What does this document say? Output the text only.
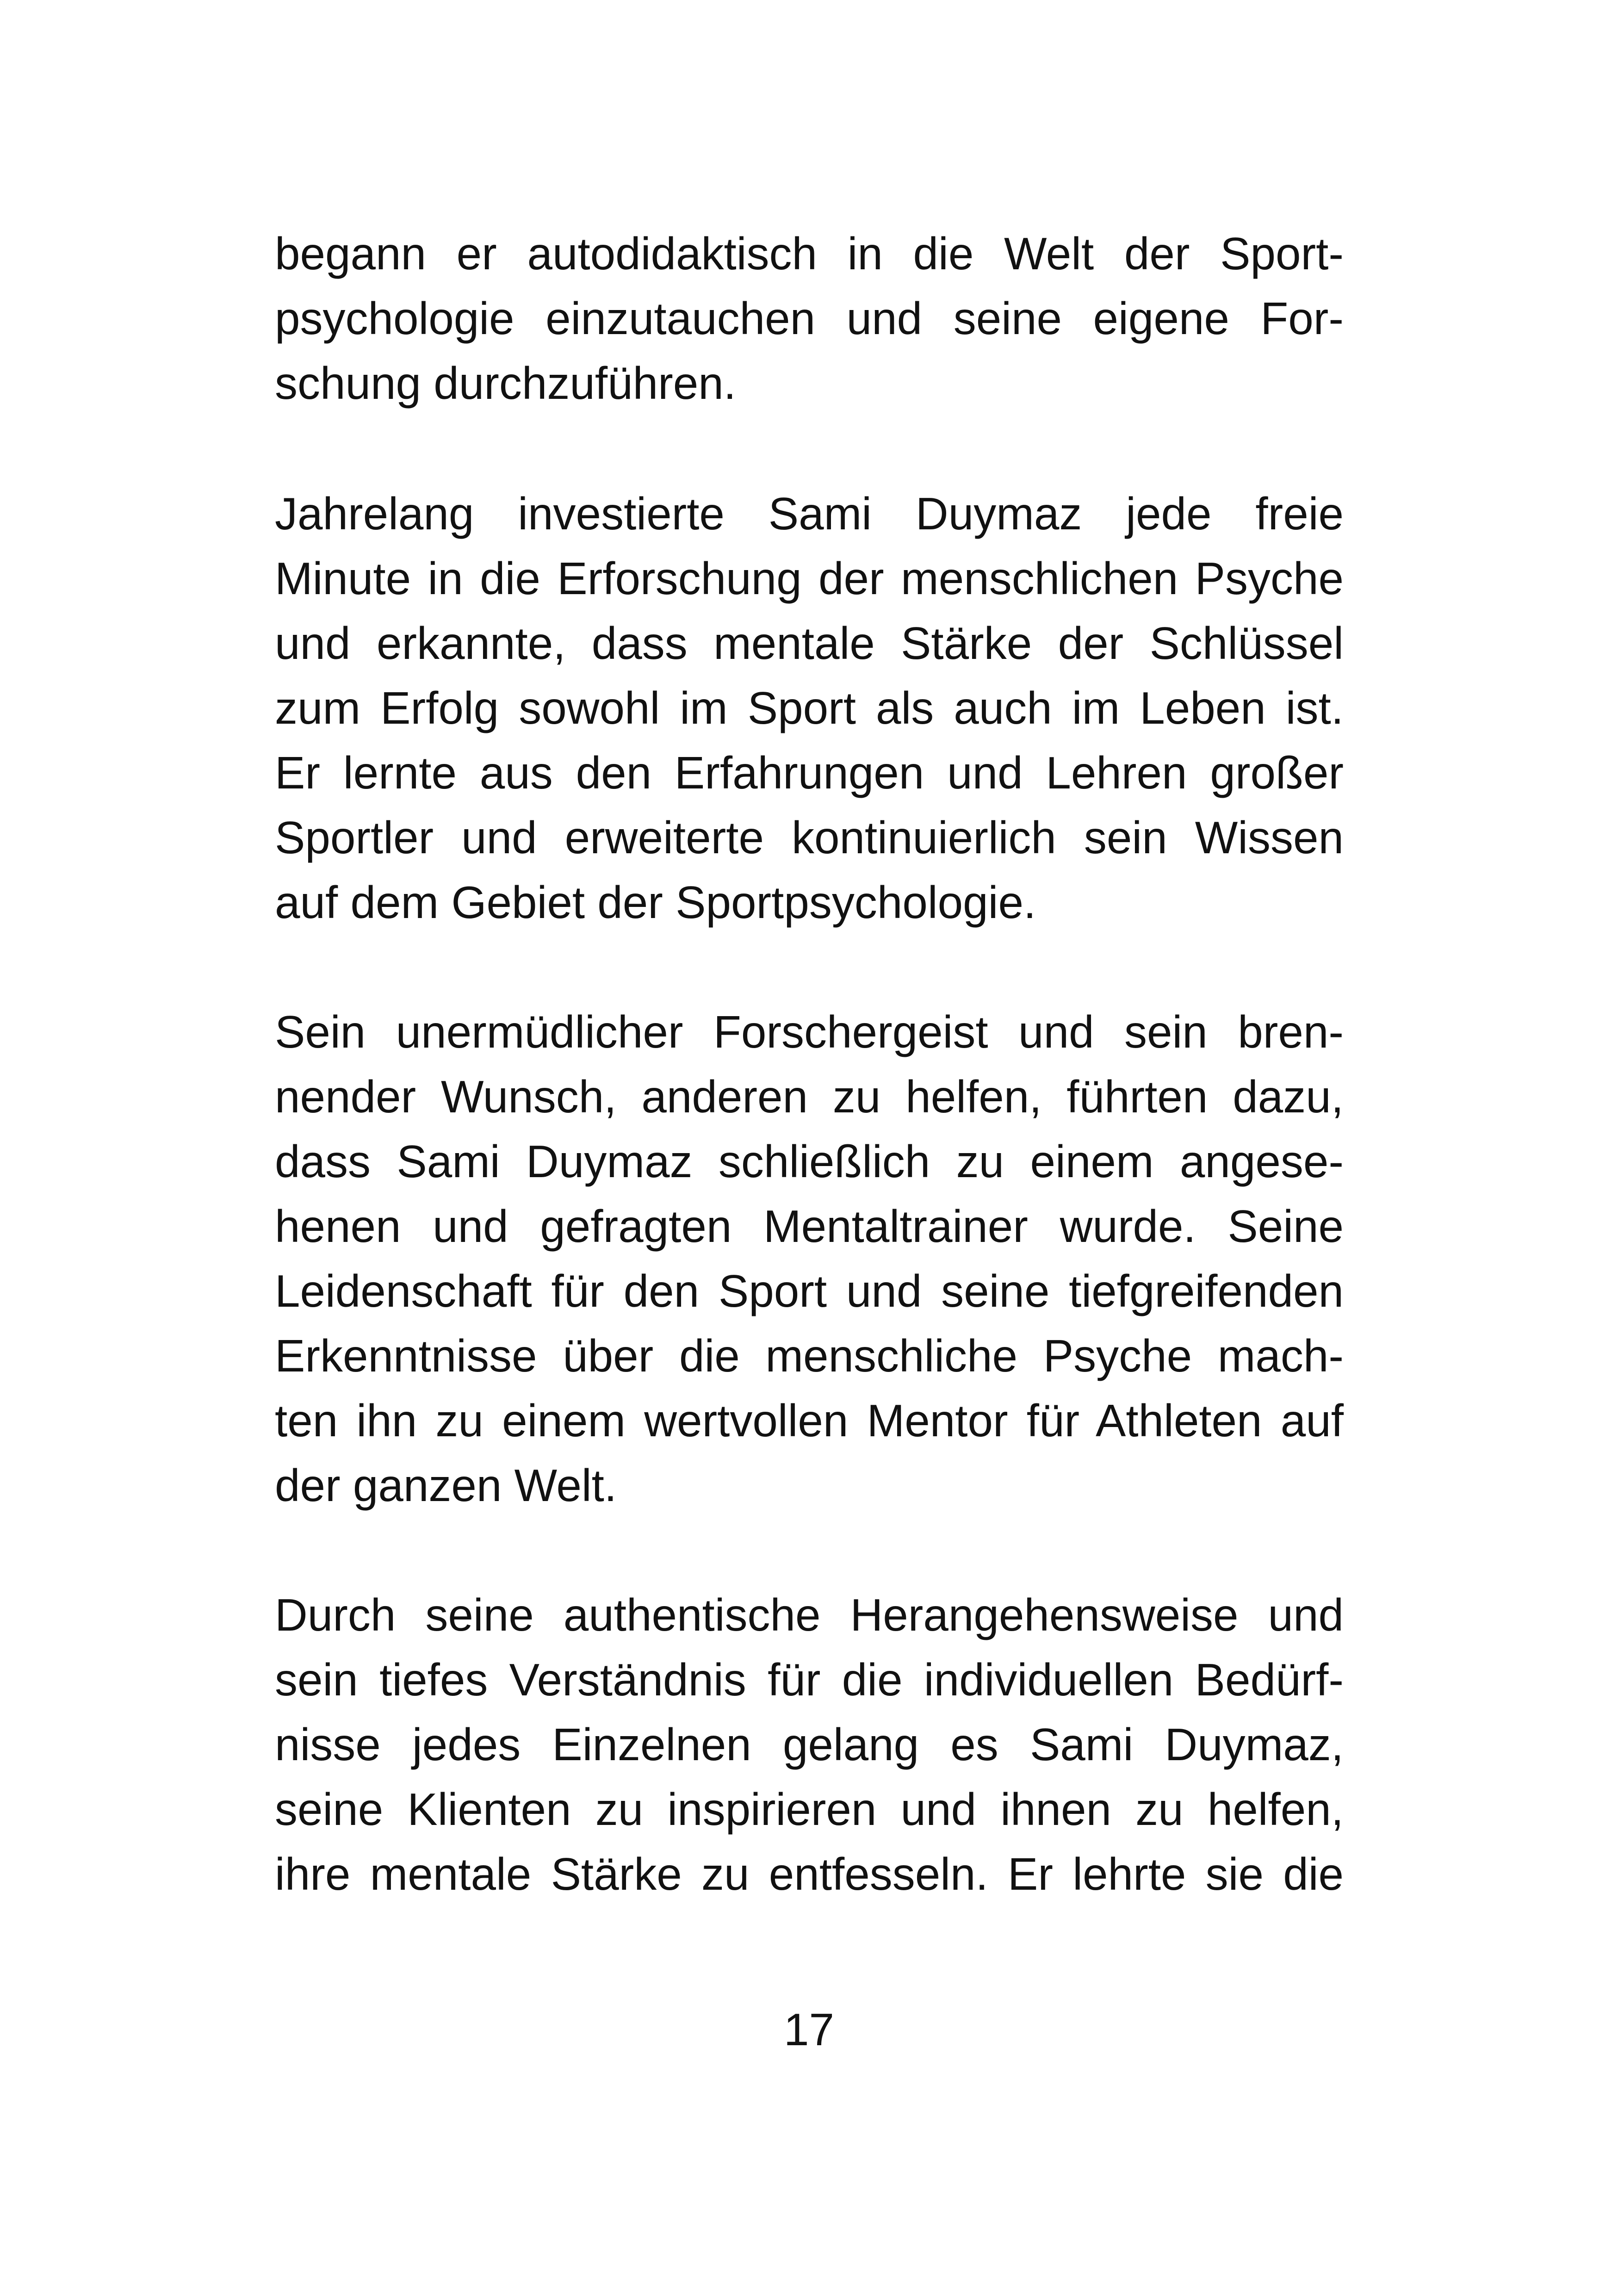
begann er autodidaktisch in die Welt der Sport-
psychologie einzutauchen und seine eigene For-
schung durchzuführen.

Jahrelang investierte Sami Duymaz jede freie
Minute in die Erforschung der menschlichen Psyche
und erkannte, dass mentale Stärke der Schlüssel
zum Erfolg sowohl im Sport als auch im Leben ist.
Er lernte aus den Erfahrungen und Lehren großer
Sportler und erweiterte kontinuierlich sein Wissen
auf dem Gebiet der Sportpsychologie.

Sein unermüdlicher Forschergeist und sein bren-
nender Wunsch, anderen zu helfen, führten dazu,
dass Sami Duymaz schließlich zu einem angese-
henen und gefragten Mentaltrainer wurde. Seine
Leidenschaft für den Sport und seine tiefgreifenden
Erkenntnisse über die menschliche Psyche mach-
ten ihn zu einem wertvollen Mentor für Athleten auf
der ganzen Welt.

Durch seine authentische Herangehensweise und
sein tiefes Verständnis für die individuellen Bedürf-
nisse jedes Einzelnen gelang es Sami Duymaz,
seine Klienten zu inspirieren und ihnen zu helfen,
ihre mentale Stärke zu entfesseln. Er lehrte sie die

17
